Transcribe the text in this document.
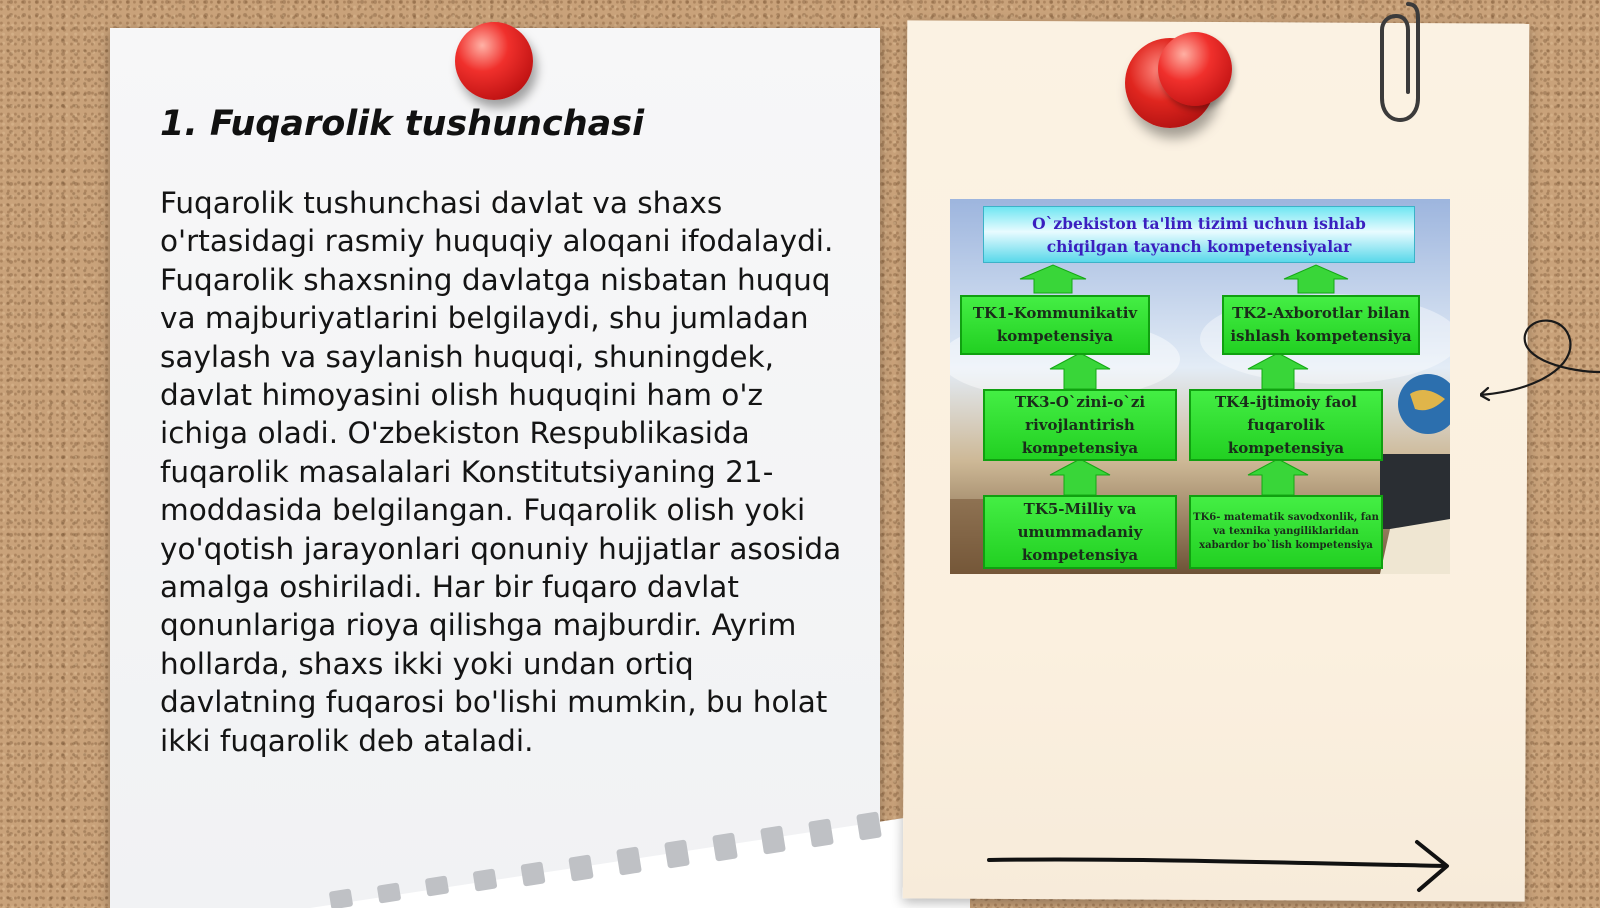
1. Fuqarolik tushunchasi

Fuqarolik tushunchasi davlat va shaxs o'rtasidagi rasmiy huquqiy aloqani ifodalaydi. Fuqarolik shaxsning davlatga nisbatan huquq va majburiyatlarini belgilaydi, shu jumladan saylash va saylanish huquqi, shuningdek, davlat himoyasini olish huquqini ham o'z ichiga oladi. O'zbekiston Respublikasida fuqarolik masalalari Konstitutsiyaning 21-moddasida belgilangan. Fuqarolik olish yoki yo'qotish jarayonlari qonuniy hujjatlar asosida amalga oshiriladi. Har bir fuqaro davlat qonunlariga rioya qilishga majburdir. Ayrim hollarda, shaxs ikki yoki undan ortiq davlatning fuqarosi bo'lishi mumkin, bu holat ikki fuqarolik deb ataladi.

O`zbekiston ta'lim tizimi uchun ishlab chiqilgan tayanch kompetensiyalar
TK1-Kommunikativ kompetensiya
TK2-Axborotlar bilan ishlash kompetensiya
TK3-O`zini-o`zi rivojlantirish kompetensiya
TK4-ijtimoiy faol fuqarolik kompetensiya
TK5-Milliy va umummadaniy kompetensiya
TK6- matematik savodxonlik, fan va texnika yangiliklaridan xabardor bo`lish kompetensiya
